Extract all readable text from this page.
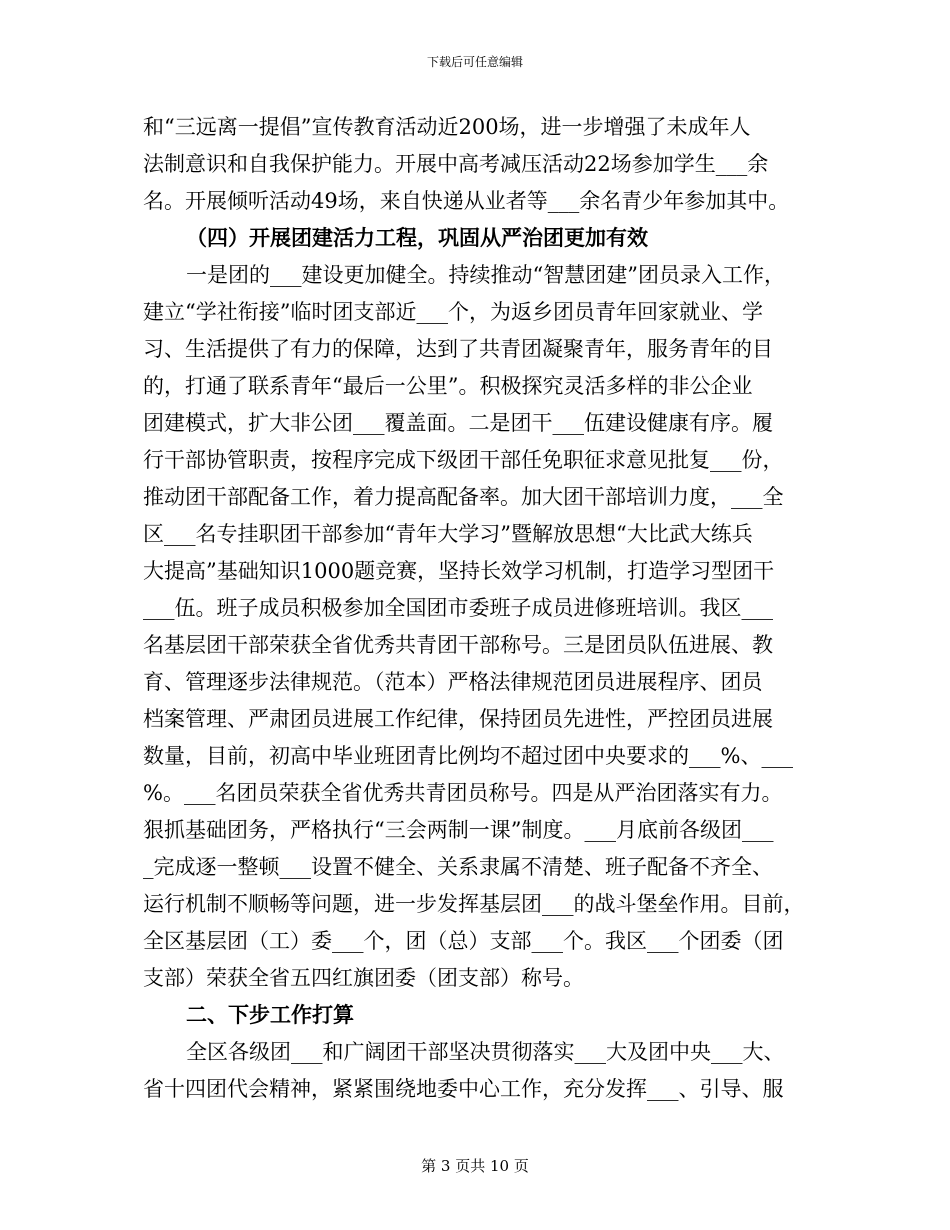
下载后可任意编辑
和“三远离一提倡”宣传教育活动近200场，进一步增强了未成年人
法制意识和自我保护能力。开展中高考减压活动22场参加学生___余
名。开展倾听活动49场，来自快递从业者等___余名青少年参加其中。
（四）开展团建活力工程，巩固从严治团更加有效
一是团的___建设更加健全。持续推动“智慧团建”团员录入工作，
建立“学社衔接”临时团支部近___个，为返乡团员青年回家就业、学
习、生活提供了有力的保障，达到了共青团凝聚青年，服务青年的目
的，打通了联系青年“最后一公里”。积极探究灵活多样的非公企业
团建模式，扩大非公团___覆盖面。二是团干___伍建设健康有序。履
行干部协管职责，按程序完成下级团干部任免职征求意见批复___份，
推动团干部配备工作，着力提高配备率。加大团干部培训力度，___全
区___名专挂职团干部参加“青年大学习”暨解放思想“大比武大练兵
大提高”基础知识1000题竞赛，坚持长效学习机制，打造学习型团干
___伍。班子成员积极参加全国团市委班子成员进修班培训。我区___
名基层团干部荣获全省优秀共青团干部称号。三是团员队伍进展、教
育、管理逐步法律规范。（范本）严格法律规范团员进展程序、团员
档案管理、严肃团员进展工作纪律，保持团员先进性，严控团员进展
数量，目前，初高中毕业班团青比例均不超过团中央要求的___%、___
%。___名团员荣获全省优秀共青团员称号。四是从严治团落实有力。
狠抓基础团务，严格执行“三会两制一课”制度。___月底前各级团___
_完成逐一整顿___设置不健全、关系隶属不清楚、班子配备不齐全、
运行机制不顺畅等问题，进一步发挥基层团___的战斗堡垒作用。目前，
全区基层团（工）委___个，团（总）支部___个。我区___个团委（团
支部）荣获全省五四红旗团委（团支部）称号。
二、下步工作打算
全区各级团___和广阔团干部坚决贯彻落实___大及团中央___大、
省十四团代会精神，紧紧围绕地委中心工作，充分发挥___、引导、服
第 3 页共 10 页
